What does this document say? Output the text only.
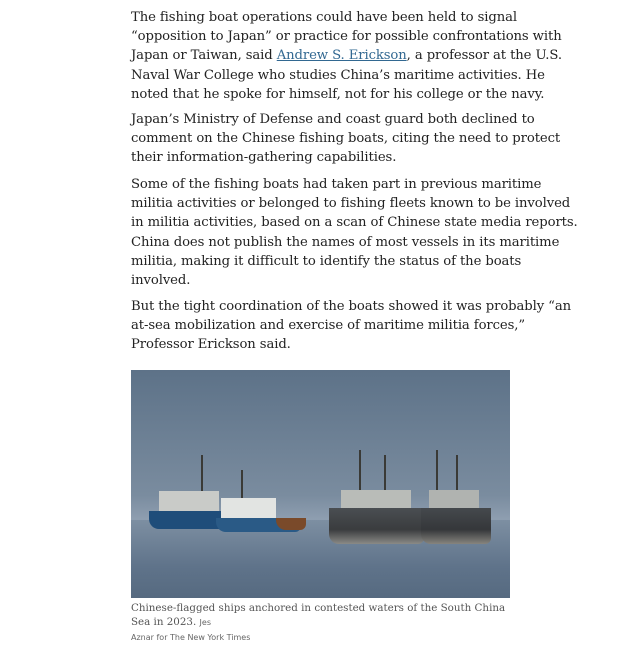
The fishing boat operations could have been held to signal
“opposition to Japan” or practice for possible confrontations with
Japan or Taiwan, said Andrew S. Erickson, a professor at the U.S.
Naval War College who studies China’s maritime activities. He
noted that he spoke for himself, not for his college or the navy.
Japan’s Ministry of Defense and coast guard both declined to
comment on the Chinese fishing boats, citing the need to protect
their information-gathering capabilities.
Some of the fishing boats had taken part in previous maritime
militia activities or belonged to fishing fleets known to be involved
in militia activities, based on a scan of Chinese state media reports.
China does not publish the names of most vessels in its maritime
militia, making it difficult to identify the status of the boats
involved.
But the tight coordination of the boats showed it was probably “an
at-sea mobilization and exercise of maritime militia forces,”
Professor Erickson said.
Chinese-flagged ships anchored in contested waters of the South China Sea in 2023. Jes
Aznar for The New York Times
